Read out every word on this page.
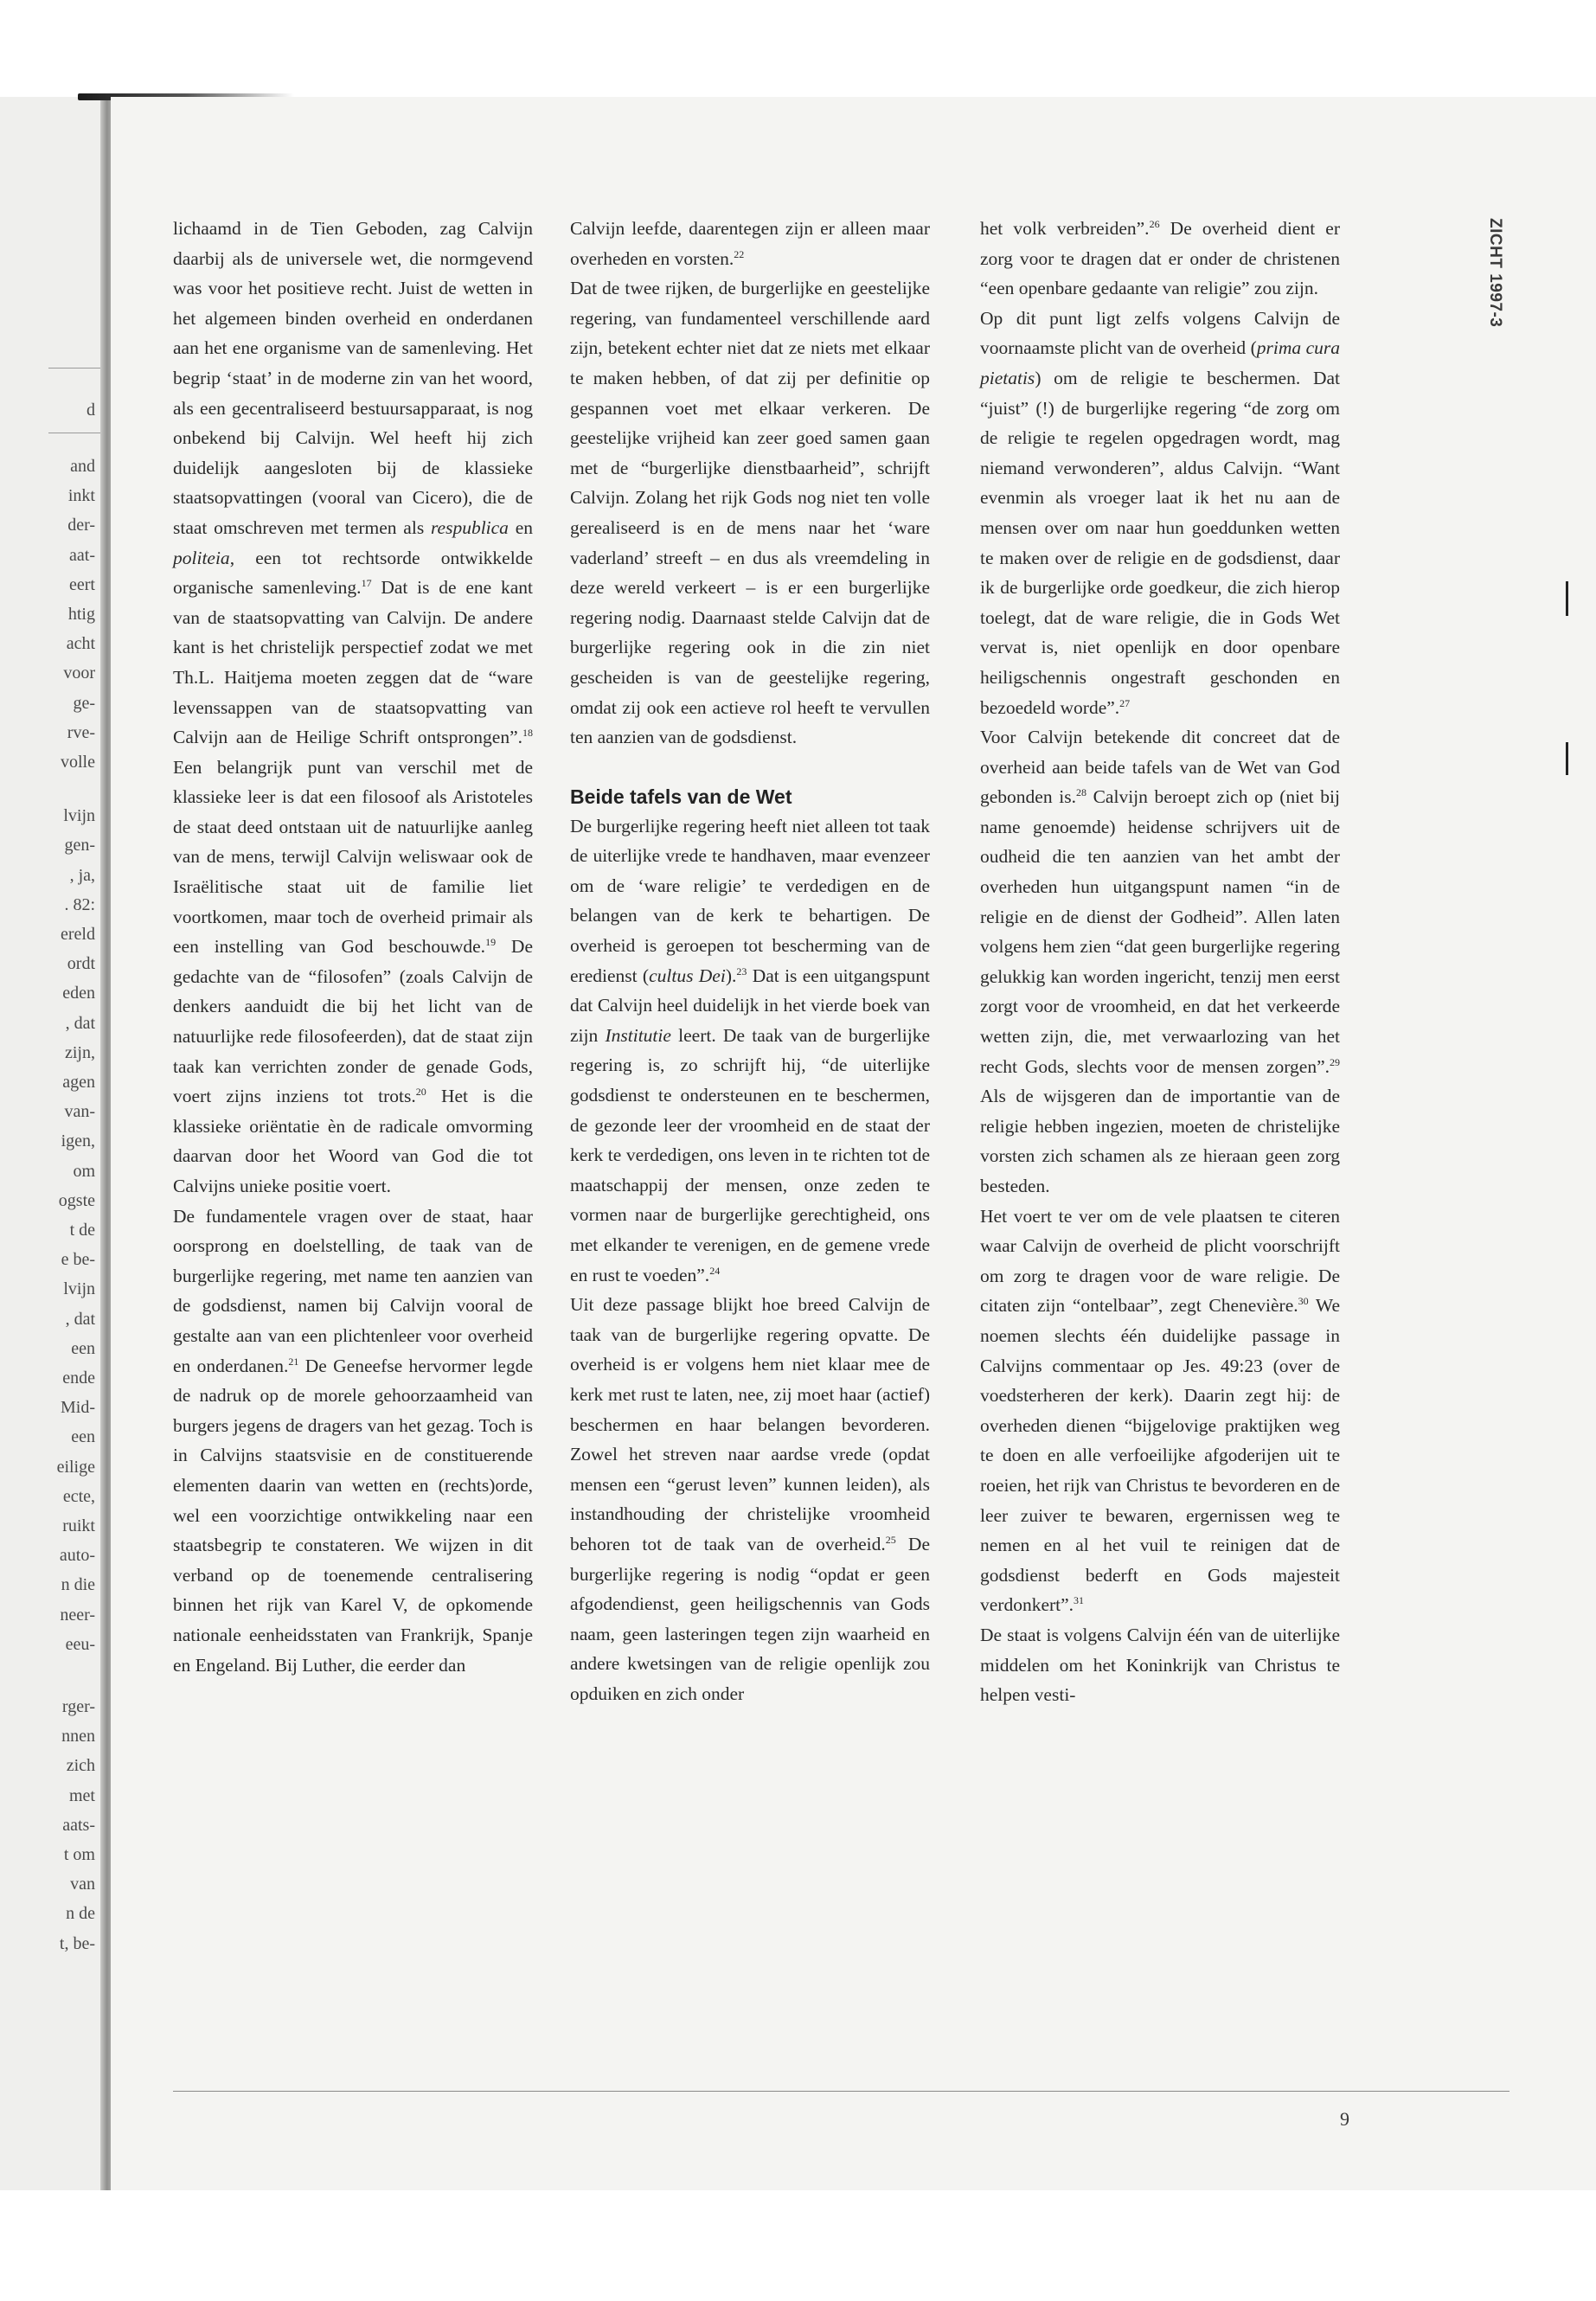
d
and
inkt
der-
aat-
eert
htig
acht
voor
ge-
rve-
volle
lvijn
gen-
, ja,
. 82:
ereld
ordt
eden
, dat
zijn,
agen
van-
igen,
om
ogste
t de
e be-
lvijn
, dat
een
ende
Mid-
een
eilige
ecte,
ruikt
auto-
n die
neer-
eeu-
rger-
nnen
zich
met
aats-
t om
van
n de
t, be-
ZICHT 1997-3

lichaamd in de Tien Geboden, zag Calvijn daarbij als de universele wet, die normgevend was voor het positieve recht. Juist de wetten in het algemeen binden overheid en onderdanen aan het ene organisme van de samenleving. Het begrip ‘staat’ in de moderne zin van het woord, als een gecentraliseerd bestuursapparaat, is nog onbekend bij Calvijn. Wel heeft hij zich duidelijk aangesloten bij de klassieke staatsopvattingen (vooral van Cicero), die de staat omschreven met termen als respublica en politeia, een tot rechtsorde ontwikkelde organische samenleving.$^{17}$ Dat is de ene kant van de staatsopvatting van Calvijn. De andere kant is het christelijk perspectief zodat we met Th.L. Haitjema moeten zeggen dat de “ware levenssappen van de staatsopvatting van Calvijn aan de Heilige Schrift ontsprongen”.$^{18}$ Een belangrijk punt van verschil met de klassieke leer is dat een filosoof als Aristoteles de staat deed ontstaan uit de natuurlijke aanleg van de mens, terwijl Calvijn weliswaar ook de Israëlitische staat uit de familie liet voortkomen, maar toch de overheid primair als een instelling van God beschouwde.$^{19}$ De gedachte van de “filosofen” (zoals Calvijn de denkers aanduidt die bij het licht van de natuurlijke rede filosofeerden), dat de staat zijn taak kan verrichten zonder de genade Gods, voert zijns inziens tot trots.$^{20}$ Het is die klassieke oriëntatie èn de radicale omvorming daarvan door het Woord van God die tot Calvijns unieke positie voert.

De fundamentele vragen over de staat, haar oorsprong en doelstelling, de taak van de burgerlijke regering, met name ten aanzien van de godsdienst, namen bij Calvijn vooral de gestalte aan van een plichtenleer voor overheid en onderdanen.$^{21}$ De Geneefse hervormer legde de nadruk op de morele gehoorzaamheid van burgers jegens de dragers van het gezag. Toch is in Calvijns staatsvisie en de constituerende elementen daarin van wetten en (rechts)orde, wel een voorzichtige ontwikkeling naar een staatsbegrip te constateren. We wijzen in dit verband op de toenemende centralisering binnen het rijk van Karel V, de opkomende nationale eenheidsstaten van Frankrijk, Spanje en Engeland. Bij Luther, die eerder dan

Calvijn leefde, daarentegen zijn er alleen maar overheden en vorsten.$^{22}$

Dat de twee rijken, de burgerlijke en geestelijke regering, van fundamenteel verschillende aard zijn, betekent echter niet dat ze niets met elkaar te maken hebben, of dat zij per definitie op gespannen voet met elkaar verkeren. De geestelijke vrijheid kan zeer goed samen gaan met de “burgerlijke dienstbaarheid”, schrijft Calvijn. Zolang het rijk Gods nog niet ten volle gerealiseerd is en de mens naar het ‘ware vaderland’ streeft – en dus als vreemdeling in deze wereld verkeert – is er een burgerlijke regering nodig. Daarnaast stelde Calvijn dat de burgerlijke regering ook in die zin niet gescheiden is van de geestelijke regering, omdat zij ook een actieve rol heeft te vervullen ten aanzien van de godsdienst.

Beide tafels van de Wet

De burgerlijke regering heeft niet alleen tot taak de uiterlijke vrede te handhaven, maar evenzeer om de ‘ware religie’ te verdedigen en de belangen van de kerk te behartigen. De overheid is geroepen tot bescherming van de eredienst (cultus Dei).$^{23}$ Dat is een uitgangspunt dat Calvijn heel duidelijk in het vierde boek van zijn Institutie leert. De taak van de burgerlijke regering is, zo schrijft hij, “de uiterlijke godsdienst te ondersteunen en te beschermen, de gezonde leer der vroomheid en de staat der kerk te verdedigen, ons leven in te richten tot de maatschappij der mensen, onze zeden te vormen naar de burgerlijke gerechtigheid, ons met elkander te verenigen, en de gemene vrede en rust te voeden”.$^{24}$

Uit deze passage blijkt hoe breed Calvijn de taak van de burgerlijke regering opvatte. De overheid is er volgens hem niet klaar mee de kerk met rust te laten, nee, zij moet haar (actief) beschermen en haar belangen bevorderen. Zowel het streven naar aardse vrede (opdat mensen een “gerust leven” kunnen leiden), als instandhouding der christelijke vroomheid behoren tot de taak van de overheid.$^{25}$ De burgerlijke regering is nodig “opdat er geen afgodendienst, geen heiligschennis van Gods naam, geen lasteringen tegen zijn waarheid en andere kwetsingen van de religie openlijk zou opduiken en zich onder

het volk verbreiden”.$^{26}$ De overheid dient er zorg voor te dragen dat er onder de christenen “een openbare gedaante van religie” zou zijn.

Op dit punt ligt zelfs volgens Calvijn de voornaamste plicht van de overheid (prima cura pietatis) om de religie te beschermen. Dat “juist” (!) de burgerlijke regering “de zorg om de religie te regelen opgedragen wordt, mag niemand verwonderen”, aldus Calvijn. “Want evenmin als vroeger laat ik het nu aan de mensen over om naar hun goeddunken wetten te maken over de religie en de godsdienst, daar ik de burgerlijke orde goedkeur, die zich hierop toelegt, dat de ware religie, die in Gods Wet vervat is, niet openlijk en door openbare heiligschennis ongestraft geschonden en bezoedeld worde”.$^{27}$

Voor Calvijn betekende dit concreet dat de overheid aan beide tafels van de Wet van God gebonden is.$^{28}$ Calvijn beroept zich op (niet bij name genoemde) heidense schrijvers uit de oudheid die ten aanzien van het ambt der overheden hun uitgangspunt namen “in de religie en de dienst der Godheid”. Allen laten volgens hem zien “dat geen burgerlijke regering gelukkig kan worden ingericht, tenzij men eerst zorgt voor de vroomheid, en dat het verkeerde wetten zijn, die, met verwaarlozing van het recht Gods, slechts voor de mensen zorgen”.$^{29}$ Als de wijsgeren dan de importantie van de religie hebben ingezien, moeten de christelijke vorsten zich schamen als ze hieraan geen zorg besteden.

Het voert te ver om de vele plaatsen te citeren waar Calvijn de overheid de plicht voorschrijft om zorg te dragen voor de ware religie. De citaten zijn “ontelbaar”, zegt Chenevière.$^{30}$ We noemen slechts één duidelijke passage in Calvijns commentaar op Jes. 49:23 (over de voedsterheren der kerk). Daarin zegt hij: de overheden dienen “bijgelovige praktijken weg te doen en alle verfoeilijke afgoderijen uit te roeien, het rijk van Christus te bevorderen en de leer zuiver te bewaren, ergernissen weg te nemen en al het vuil te reinigen dat de godsdienst bederft en Gods majesteit verdonkert”.$^{31}$

De staat is volgens Calvijn één van de uiterlijke middelen om het Koninkrijk van Christus te helpen vesti-

9
